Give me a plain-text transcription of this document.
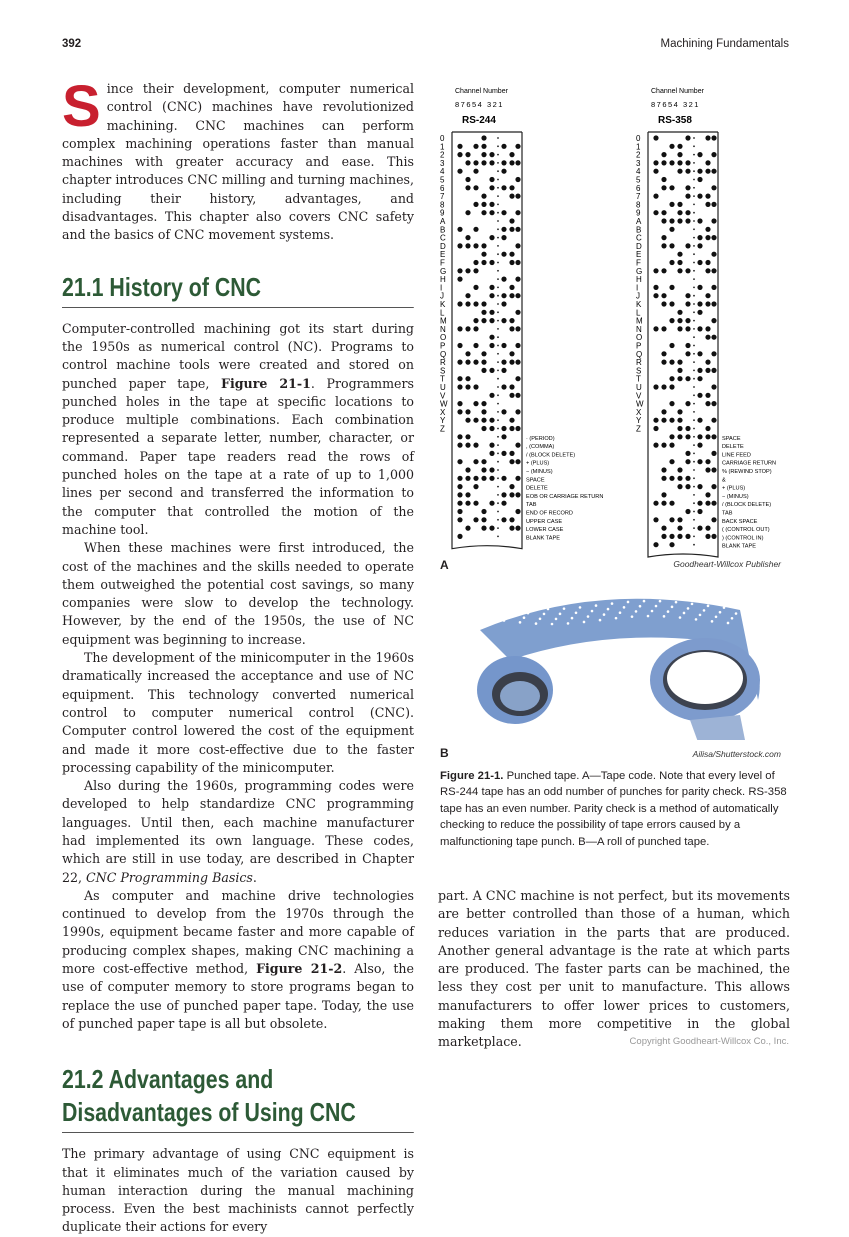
392	Machining Fundamentals

Since their development, computer numerical control (CNC) machines have revolutionized machining. CNC machines can perform complex machining operations faster than manual machines with greater accuracy and ease. This chapter introduces CNC milling and turning machines, including their history, advantages, and disadvantages. This chapter also covers CNC safety and the basics of CNC movement systems.

21.1 History of CNC

Computer-controlled machining got its start during the 1950s as numerical control (NC). Programs to control machine tools were created and stored on punched paper tape, Figure 21-1. Programmers punched holes in the tape at specific locations to produce multiple combinations. Each combination represented a separate letter, number, character, or command. Paper tape readers read the rows of punched holes on the tape at a rate of up to 1,000 lines per second and transferred the information to the computer that controlled the motion of the machine tool.

When these machines were first introduced, the cost of the machines and the skills needed to operate them outweighed the potential cost savings, so many companies were slow to develop the technology. However, by the end of the 1950s, the use of NC equipment was beginning to increase.

The development of the minicomputer in the 1960s dramatically increased the acceptance and use of NC equipment. This technology converted numerical control to computer numerical control (CNC). Computer control lowered the cost of the equipment and made it more cost-effective due to the faster processing capability of the minicomputer.

Also during the 1960s, programming codes were developed to help standardize CNC programming languages. Until then, each machine manufacturer had implemented its own language. These codes, which are still in use today, are described in Chapter 22, CNC Programming Basics.

As computer and machine drive technologies continued to develop from the 1970s through the 1990s, equipment became faster and more capable of producing complex shapes, making CNC machining a more cost-effective method, Figure 21-2. Also, the use of computer memory to store programs began to replace the use of punched paper tape. Today, the use of punched paper tape is all but obsolete.

21.2 Advantages and
Disadvantages of Using CNC

The primary advantage of using CNC equipment is that it eliminates much of the variation caused by human interaction during the manual machining process. Even the best machinists cannot perfectly duplicate their actions for every

Channel Number
87654 321
RS-244
0
1
2
3
4
5
6
7
8
9
A
B
C
D
E
F
G
H
I
J
K
L
M
N
O
P
Q
R
S
T
U
V
W
X
Y
Z
· (PERIOD)
, (COMMA)
/ (BLOCK DELETE)
+ (PLUS)
− (MINUS)
SPACE
DELETE
EOB OR CARRIAGE RETURN
TAB
END OF RECORD
UPPER CASE
LOWER CASE
BLANK TAPE
Channel Number
87654 321
RS-358
0
1
2
3
4
5
6
7
8
9
A
B
C
D
E
F
G
H
I
J
K
L
M
N
O
P
Q
R
S
T
U
V
W
X
Y
Z
SPACE
DELETE
LINE FEED
CARRIAGE RETURN
% (REWIND STOP)
&
+ (PLUS)
− (MINUS)
/ (BLOCK DELETE)
TAB
BACK SPACE
( (CONTROL OUT)
) (CONTROL IN)
BLANK TAPE
A	Goodheart-Willcox Publisher
B	Ailisa/Shutterstock.com
Figure 21-1. Punched tape. A—Tape code. Note that every level of RS-244 tape has an odd number of punches for parity check. RS-358 tape has an even number. Parity check is a method of automatically checking to reduce the possibility of tape errors caused by a malfunctioning tape punch. B—A roll of punched tape.

part. A CNC machine is not perfect, but its movements are better controlled than those of a human, which reduces variation in the parts that are produced. Another general advantage is the rate at which parts are produced. The faster parts can be machined, the less they cost per unit to manufacture. This allows manufacturers to offer lower prices to customers, making them more competitive in the global marketplace.	Copyright Goodheart-Willcox Co., Inc.
